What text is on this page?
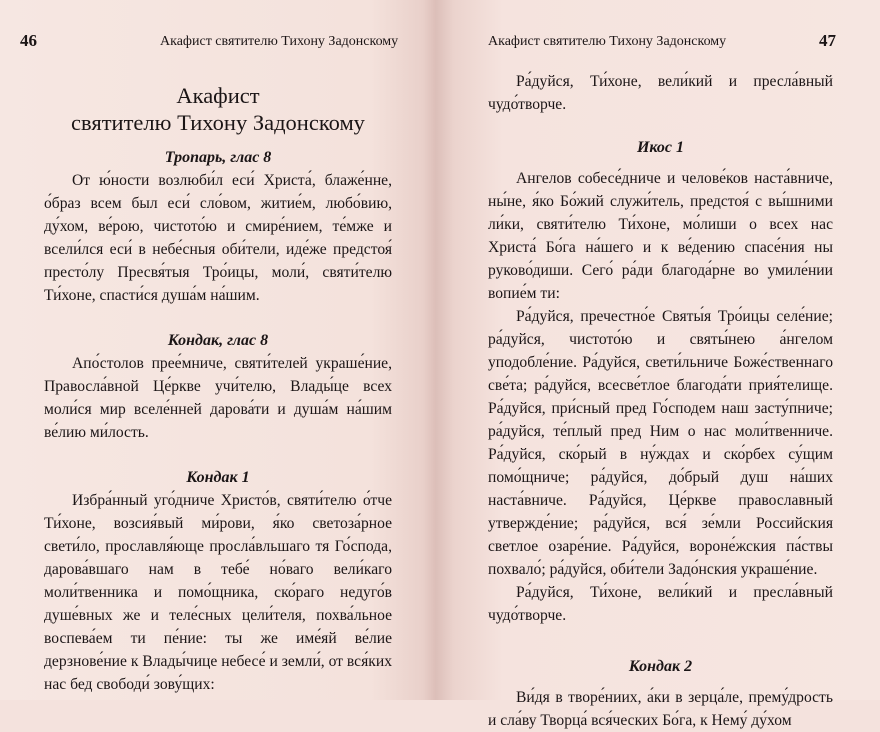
46	Акафист святителю Тихону Задонскому
Акафист
святителю Тихону Задонскому
Тропарь, глас 8

От ю́ности возлюби́л еси́ Христа́, блаже́нне, о́браз всем был еси́ сло́вом, житие́м, любо́вию, ду́хом, ве́рою, чистото́ю и смире́нием, те́мже и всели́лся еси́ в небе́сныя оби́тели, иде́же предстоя́ престо́лу Пресвя́тыя Тро́ицы, моли́, святи́телю Ти́хоне, спасти́ся душа́м на́шим.

Кондак, глас 8

Апо́столов прее́мниче, святи́телей украше́ние, Правосла́вной Це́ркве учи́телю, Влады́це всех моли́ся мир вселе́нней дарова́ти и душа́м на́шим ве́лию ми́лость.

Кондак 1

Избра́нный уго́дниче Христо́в, святи́телю о́тче Ти́хоне, возсия́вый ми́рови, я́ко светоза́рное свети́ло, прославля́юще просла́вльшаго тя Го́спода, дарова́вшаго нам в тебе́ но́ваго вели́каго моли́твенника и помо́щника, ско́раго недуго́в душе́вных же и теле́сных цели́теля, похва́льное воспева́ем ти пе́ние: ты же име́яй ве́лие дерзнове́ние к Влады́чице небесе́ и земли́, от вся́ких нас бед свободи́ зову́щих:

Акафист святителю Тихону Задонскому	47

Ра́дуйся, Ти́хоне, вели́кий и пресла́вный чудо́творче.

Икос 1

Ангелов собесе́дниче и челове́ков наста́вниче, ны́не, я́ко Бо́жий служи́тель, предстоя́ с вы́шними ли́ки, святи́телю Ти́хоне, мо́лиши о всех нас Христа́ Бо́га на́шего и к ве́дению спасе́ния ны руково́диши. Сего́ ра́ди благода́рне во умиле́нии вопие́м ти:

Ра́дуйся, пречестно́е Святы́я Тро́ицы селе́ние; ра́дуйся, чистото́ю и святы́нею а́нгелом уподобле́ние. Ра́дуйся, свети́льниче Боже́ственнаго све́та; ра́дуйся, всесве́тлое благода́ти прия́телище. Ра́дуйся, при́сный пред Го́сподем наш засту́пниче; ра́дуйся, те́плый пред Ним о нас моли́твенниче. Ра́дуйся, ско́рый в ну́ждах и ско́рбех су́щим помо́щниче; ра́дуйся, до́брый душ на́ших наста́вниче. Ра́дуйся, Це́ркве православный утвержде́ние; ра́дуйся, вся́ зе́мли Российския светлое озаре́ние. Ра́дуйся, вороне́жския па́ствы похвало́; ра́дуйся, оби́тели Задо́нския украше́ние.

Ра́дуйся, Ти́хоне, вели́кий и пресла́вный чудо́творче.

Кондак 2

Ви́дя в творе́ниих, а́ки в зерца́ле, прему́дрость и сла́ву Творца́ вся́ческих Бо́га, к Нему́ ду́хом
